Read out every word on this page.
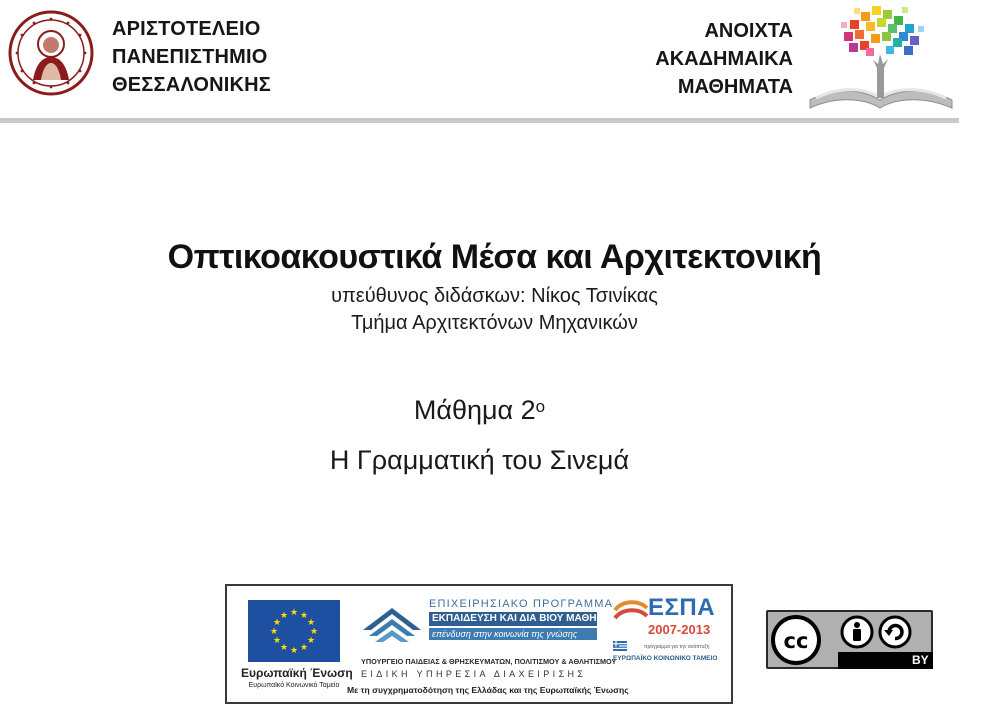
ΑΡΙΣΤΟΤΕΛΕΙΟ
ΠΑΝΕΠΙΣΤΗΜΙΟ
ΘΕΣΣΑΛΟΝΙΚΗΣ
ΑΝΟΙΧΤΑ
ΑΚΑΔΗΜΑΙΚΑ
ΜΑΘΗΜΑΤΑ
Οπτικοακουστικά Μέσα και Αρχιτεκτονική
υπεύθυνος διδάσκων: Νίκος Τσινίκας
Τμήμα Αρχιτεκτόνων Μηχανικών
Μάθημα $2^o$
Η Γραμματική του Σινεμά
★ ★
★
★
★
★
★
★
★
★
★
★
Ευρωπαϊκή Ένωση
Ευρωπαϊκό Κοινωνικό Ταμείο
ΕΠΙΧΕΙΡΗΣΙΑΚΟ ΠΡΟΓΡΑΜΜΑ
ΕΚΠΑΙΔΕΥΣΗ ΚΑΙ ΔΙΑ ΒΙΟΥ ΜΑΘΗΣΗ
επένδυση στην κοινωνία της γνώσης
ΥΠΟΥΡΓΕΙΟ ΠΑΙΔΕΙΑΣ & ΘΡΗΣΚΕΥΜΑΤΩΝ, ΠΟΛΙΤΙΣΜΟΥ & ΑΘΛΗΤΙΣΜΟΥ
ΕΙΔΙΚΗ ΥΠΗΡΕΣΙΑ ΔΙΑΧΕΙΡΙΣΗΣ
Με τη συγχρηματοδότηση της Ελλάδας και της Ευρωπαϊκής Ένωσης
ΕΣΠΑ
2007-2013
πρόγραμμα για την ανάπτυξη
ΕΥΡΩΠΑΪΚΟ ΚΟΙΝΩΝΙΚΟ ΤΑΜΕΙΟ
cc
BY SA
